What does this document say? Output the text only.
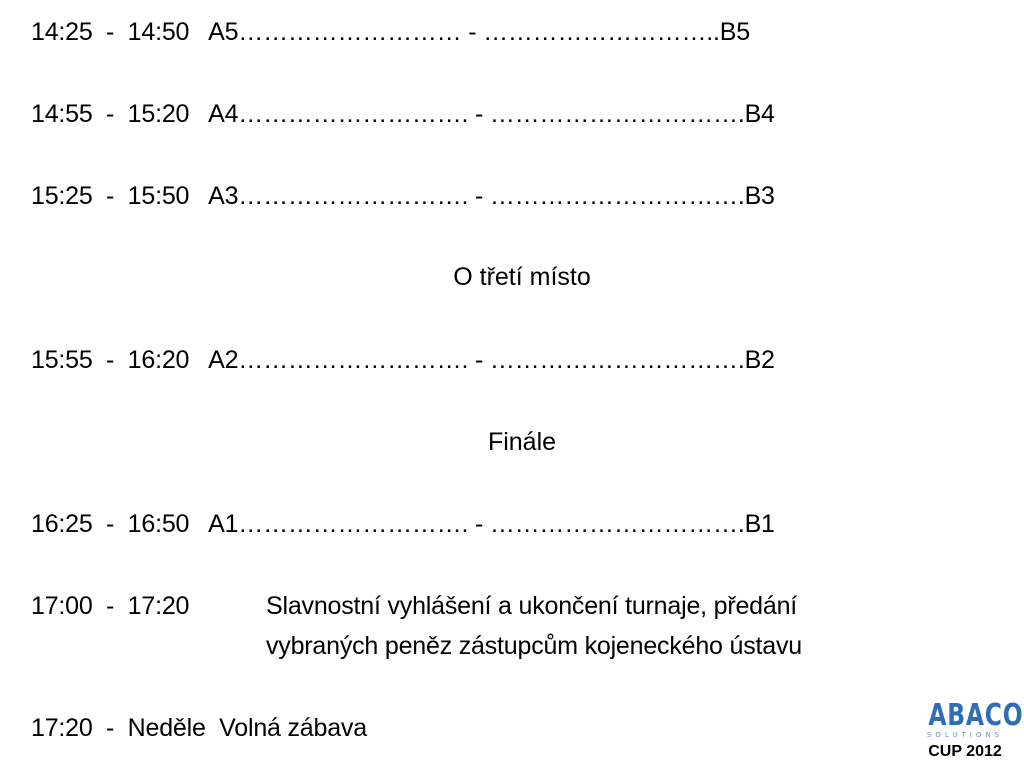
14:25  -  14:50   A5……………………… - ………………………..B5
14:55  -  15:20   A4………………………. - ………………………….B4
15:25  -  15:50   A3………………………. - ………………………….B3
O třetí místo
15:55  -  16:20   A2………………………. - ………………………….B2
Finále
16:25  -  16:50   A1………………………. - ………………………….B1
17:00  -  17:20	Slavnostní vyhlášení a ukončení turnaje, předání
vybraných peněz zástupcům kojeneckého ústavu
17:20  -  Neděle  Volná zábava	ABACO
SOLUTIONS
CUP 2012
